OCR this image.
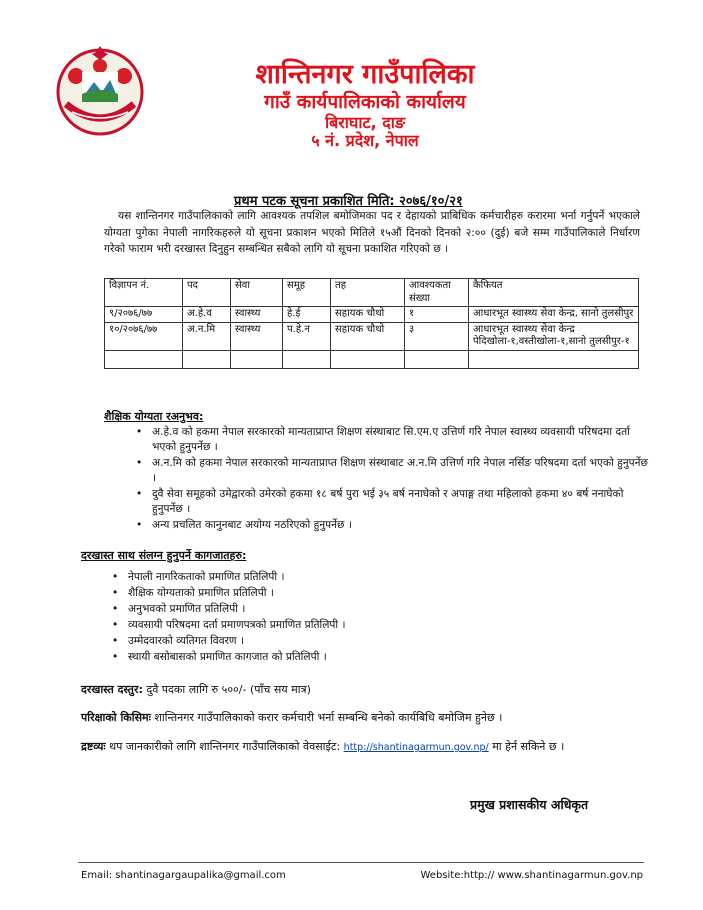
शान्तिनगर गाउँपालिका
गाउँ कार्यपालिकाको कार्यालय
बिराघाट, दाङ
५ नं. प्रदेश, नेपाल
प्रथम पटक सूचना प्रकाशित मिति: २०७६/१०/२१
यस शान्तिनगर गाउँपालिकाको लागि आवश्यक तपशिल बमोजिमका पद र देहायको प्राबिधिक कर्मचारीहरु करारमा भर्ना गर्नुपर्ने भएकाले योग्यता पुगेका नेपाली नागरिकहरुले यो सूचना प्रकाशन भएको मितिले १५औं दिनको दिनको २:०० (दुई) बजे सम्म गाउँपालिकाले निर्धारण गरेको फाराम भरी दरखास्त दिनुहुन सम्बन्धित सबैको लागि यो सूचना प्रकाशित गरिएको छ ।
विज्ञापन नं.	पद	सेवा	समूह	तह	आवश्यकता संख्या	कैफियत
९/२०७६/७७	अ.हे.व	स्वास्थ्य	हे.ई	सहायक चौथो	१	आधारभूत स्वास्थ्य सेवा केन्द्र, सानो तुलसीपुर
१०/२०७६/७७	अ.न.मि	स्वास्थ्य	प.हे.न	सहायक चौथो	३	आधारभूत स्वास्थ्य सेवा केन्द्र पेदिखोला-१,वस्तीखोला-१,सानो तुलसीपुर-१

शैक्षिक योग्यता रअनुभव:
• अ.हे.व को हकमा नेपाल सरकारको मान्यताप्राप्त शिक्षण संस्थाबाट सि.एम.ए उत्तिर्ण गरि नेपाल स्वास्थ्य व्यवसायी परिषदमा दर्ता भएको हुनुपर्नेछ ।
• अ.न.मि को हकमा नेपाल सरकारको मान्यताप्राप्त शिक्षण संस्थाबाट अ.न.मि उत्तिर्ण गरि नेपाल नर्सिङ परिषदमा दर्ता भएको हुनुपर्नेछ ।
• दुवै सेवा समूहको उमेद्वारको उमेरको हकमा १८ बर्ष पुरा भई ३५ बर्ष ननाघेको र अपाङ्ग तथा महिलाको हकमा ४० बर्ष ननाघेको हुनुपर्नेछ ।
• अन्य प्रचलित कानुनबाट अयोग्य नठरिएको हुनुपर्नेछ ।
दरखास्त साथ संलग्न हुनुपर्ने कागजातहरु:
• नेपाली नागरिकताको प्रमाणित प्रतिलिपी ।
• शैक्षिक योग्यताको प्रमाणित प्रतिलिपी ।
• अनुभवको प्रमाणित प्रतिलिपी ।
• व्यवसायी परिषदमा दर्ता प्रमाणपत्रको प्रमाणित प्रतिलिपी ।
• उम्मेदवारको व्यतिगत विवरण ।
• स्थायी बसोबासको प्रमाणित कागजात को प्रतिलिपी ।
दरखास्त दस्तुर: दुवै पदका लागि रु ५००/- (पाँच सय मात्र)
परिक्षाको किसिमः शान्तिनगर गाउँपालिकाको करार कर्मचारी भर्ना सम्बन्धि बनेको कार्यबिधि बमोजिम हुनेछ ।
द्रष्टव्यः थप जानकारीको लागि शान्तिनगर गाउँपालिकाको वेवसाईट: http://shantinagarmun.gov.np/ मा हेर्न सकिने छ ।
प्रमुख प्रशासकीय अधिकृत
Email: shantinagargaupalika@gmail.com	Website:http:// www.shantinagarmun.gov.np
